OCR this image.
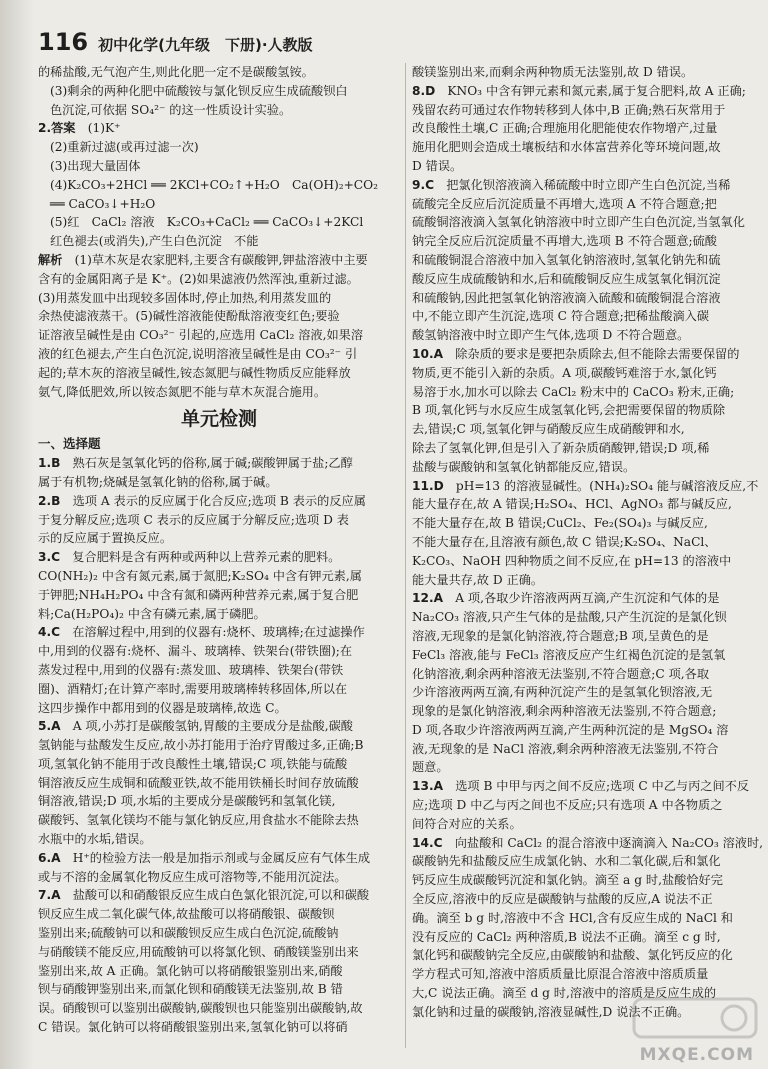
116 初中化学(九年级　下册)·人教版
的稀盐酸,无气泡产生,则此化肥一定不是碳酸氢铵。
(3)剩余的两种化肥中硫酸铵与氯化钡反应生成硫酸钡白
色沉淀,可依据 SO₄²⁻ 的这一性质设计实验。
2.答案　 (1)K⁺
(2)重新过滤(或再过滤一次)
(3)出现大量固体
(4)K₂CO₃+2HCl ══ 2KCl+CO₂↑+H₂O　Ca(OH)₂+CO₂
══ CaCO₃↓+H₂O
(5)红　CaCl₂ 溶液　K₂CO₃+CaCl₂ ══ CaCO₃↓+2KCl
红色褪去(或消失),产生白色沉淀　不能
解析　 (1)草木灰是农家肥料,主要含有碳酸钾,钾盐溶液中主要
含有的金属阳离子是 K⁺。(2)如果滤液仍然浑浊,重新过滤。
(3)用蒸发皿中出现较多固体时,停止加热,利用蒸发皿的
余热使滤液蒸干。(5)碱性溶液能使酚酞溶液变红色;要验
证溶液呈碱性是由 CO₃²⁻ 引起的,应选用 CaCl₂ 溶液,如果溶
液的红色褪去,产生白色沉淀,说明溶液呈碱性是由 CO₃²⁻ 引
起的;草木灰的溶液呈碱性,铵态氮肥与碱性物质反应能释放
氨气,降低肥效,所以铵态氮肥不能与草木灰混合施用。
单元检测
一、选择题
1.B　 熟石灰是氢氧化钙的俗称,属于碱;碳酸钾属于盐;乙醇
属于有机物;烧碱是氢氧化钠的俗称,属于碱。
2.B　 选项 A 表示的反应属于化合反应;选项 B 表示的反应属
于复分解反应;选项 C 表示的反应属于分解反应;选项 D 表
示的反应属于置换反应。
3.C　 复合肥料是含有两种或两种以上营养元素的肥料。
CO(NH₂)₂ 中含有氮元素,属于氮肥;K₂SO₄ 中含有钾元素,属
于钾肥;NH₄H₂PO₄ 中含有氮和磷两种营养元素,属于复合肥
料;Ca(H₂PO₄)₂ 中含有磷元素,属于磷肥。
4.C　 在溶解过程中,用到的仪器有:烧杯、玻璃棒;在过滤操作
中,用到的仪器有:烧杯、漏斗、玻璃棒、铁架台(带铁圈);在
蒸发过程中,用到的仪器有:蒸发皿、玻璃棒、铁架台(带铁
圈)、酒精灯;在计算产率时,需要用玻璃棒转移固体,所以在
这四步操作中都用到的仪器是玻璃棒,故选 C。
5.A　 A 项,小苏打是碳酸氢钠,胃酸的主要成分是盐酸,碳酸
氢钠能与盐酸发生反应,故小苏打能用于治疗胃酸过多,正确;B
项,氢氧化钠不能用于改良酸性土壤,错误;C 项,铁能与硫酸
铜溶液反应生成铜和硫酸亚铁,故不能用铁桶长时间存放硫酸
铜溶液,错误;D 项,水垢的主要成分是碳酸钙和氢氧化镁,
碳酸钙、氢氧化镁均不能与氯化钠反应,用食盐水不能除去热
水瓶中的水垢,错误。
6.A　 H⁺的检验方法一般是加指示剂或与金属反应有气体生成
或与不溶的金属氧化物反应生成可溶物等,不能用沉淀法。
7.A　 盐酸可以和硝酸银反应生成白色氯化银沉淀,可以和碳酸
钡反应生成二氧化碳气体,故盐酸可以将硝酸银、碳酸钡
鉴别出来;硫酸钠可以和碳酸钡反应生成白色沉淀,硫酸钠
与硝酸镁不能反应,用硫酸钠可以将氯化钡、硝酸镁鉴别出来
鉴别出来,故 A 正确。氯化钠可以将硝酸银鉴别出来,硝酸
钡与硝酸钾鉴别出来,而氯化钡和硝酸镁无法鉴别,故 B 错
误。硝酸钡可以鉴别出碳酸钠,碳酸钡也只能鉴别出碳酸钠,故
C 错误。氯化钠可以将硝酸银鉴别出来,氢氧化钠可以将硝
酸镁鉴别出来,而剩余两种物质无法鉴别,故 D 错误。
8.D　 KNO₃ 中含有钾元素和氮元素,属于复合肥料,故 A 正确;
残留农药可通过农作物转移到人体中,B 正确;熟石灰常用于
改良酸性土壤,C 正确;合理施用化肥能使农作物增产,过量
施用化肥则会造成土壤板结和水体富营养化等环境问题,故
D 错误。
9.C　 把氯化钡溶液滴入稀硫酸中时立即产生白色沉淀,当稀
硫酸完全反应后沉淀质量不再增大,选项 A 不符合题意;把
硫酸铜溶液滴入氢氧化钠溶液中时立即产生白色沉淀,当氢氧化
钠完全反应后沉淀质量不再增大,选项 B 不符合题意;硫酸
和硫酸铜混合溶液中加入氢氧化钠溶液时,氢氧化钠先和硫
酸反应生成硫酸钠和水,后和硫酸铜反应生成氢氧化铜沉淀
和硫酸钠,因此把氢氧化钠溶液滴入硫酸和硫酸铜混合溶液
中,不能立即产生沉淀,选项 C 符合题意;把稀盐酸滴入碳
酸氢钠溶液中时立即产生气体,选项 D 不符合题意。
10.A　 除杂质的要求是要把杂质除去,但不能除去需要保留的
物质,更不能引入新的杂质。A 项,碳酸钙难溶于水,氯化钙
易溶于水,加水可以除去 CaCl₂ 粉末中的 CaCO₃ 粉末,正确;
B 项,氧化钙与水反应生成氢氧化钙,会把需要保留的物质除
去,错误;C 项,氢氧化钾与硝酸反应生成硝酸钾和水,
除去了氢氧化钾,但是引入了新杂质硝酸钾,错误;D 项,稀
盐酸与碳酸钠和氢氧化钠都能反应,错误。
11.D　 pH=13 的溶液显碱性。(NH₄)₂SO₄ 能与碱溶液反应,不
能大量存在,故 A 错误;H₂SO₄、HCl、AgNO₃ 都与碱反应,
不能大量存在,故 B 错误;CuCl₂、Fe₂(SO₄)₃ 与碱反应,
不能大量存在,且溶液有颜色,故 C 错误;K₂SO₄、NaCl、
K₂CO₃、NaOH 四种物质之间不反应,在 pH=13 的溶液中
能大量共存,故 D 正确。
12.A　 A 项,各取少许溶液两两互滴,产生沉淀和气体的是
Na₂CO₃ 溶液,只产生气体的是盐酸,只产生沉淀的是氯化钡
溶液,无现象的是氯化钠溶液,符合题意;B 项,呈黄色的是
FeCl₃ 溶液,能与 FeCl₃ 溶液反应产生红褐色沉淀的是氢氧
化钠溶液,剩余两种溶液无法鉴别,不符合题意;C 项,各取
少许溶液两两互滴,有两种沉淀产生的是氢氧化钡溶液,无
现象的是氯化钠溶液,剩余两种溶液无法鉴别,不符合题意;
D 项,各取少许溶液两两互滴,产生两种沉淀的是 MgSO₄ 溶
液,无现象的是 NaCl 溶液,剩余两种溶液无法鉴别,不符合
题意。
13.A　 选项 B 中甲与丙之间不反应;选项 C 中乙与丙之间不反
应;选项 D 中乙与丙之间也不反应;只有选项 A 中各物质之
间符合对应的关系。
14.C　 向盐酸和 CaCl₂ 的混合溶液中逐滴滴入 Na₂CO₃ 溶液时,
碳酸钠先和盐酸反应生成氯化钠、水和二氧化碳,后和氯化
钙反应生成碳酸钙沉淀和氯化钠。滴至 a g 时,盐酸恰好完
全反应,溶液中的反应是碳酸钠与盐酸的反应,A 说法不正
确。滴至 b g 时,溶液中不含 HCl,含有反应生成的 NaCl 和
没有反应的 CaCl₂ 两种溶质,B 说法不正确。滴至 c g 时,
氯化钙和碳酸钠完全反应,由碳酸钠和盐酸、氯化钙反应的化
学方程式可知,溶液中溶质质量比原混合溶液中溶质质量
大,C 说法正确。滴至 d g 时,溶液中的溶质是反应生成的
氯化钠和过量的碳酸钠,溶液显碱性,D 说法不正确。
MXQE.COM
